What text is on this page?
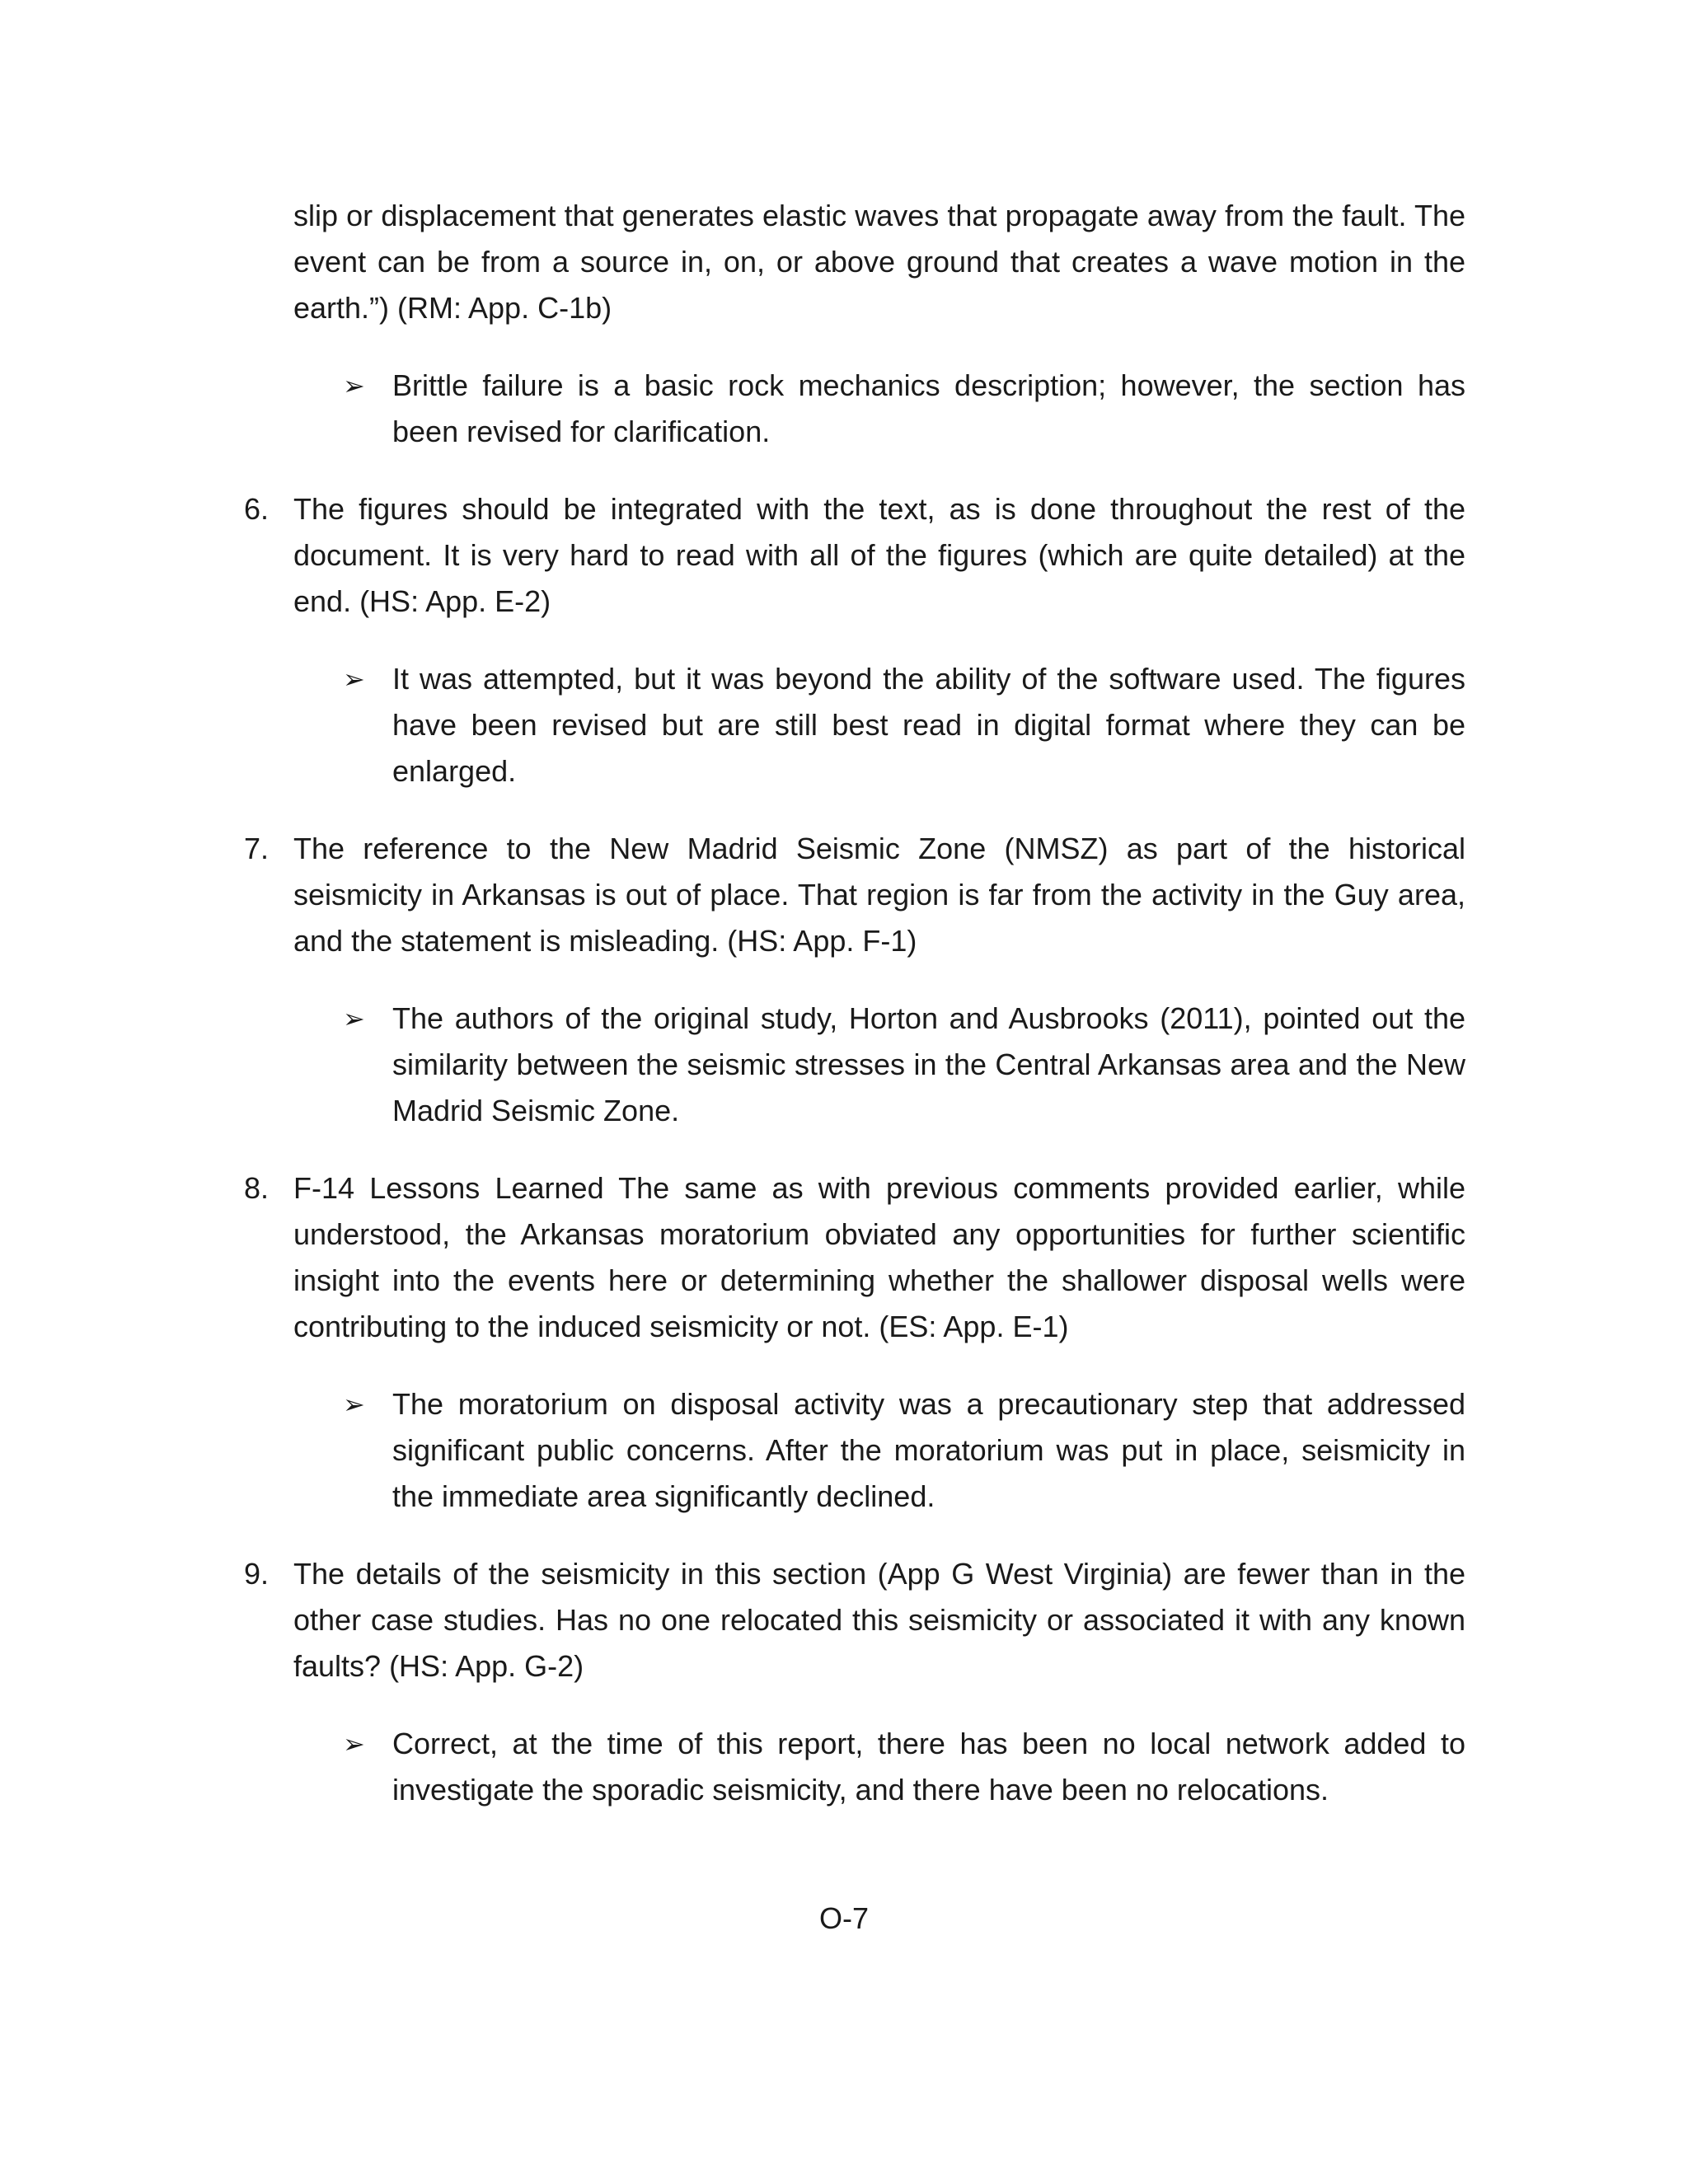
slip or displacement that generates elastic waves that propagate away from the fault. The event can be from a source in, on, or above ground that creates a wave motion in the earth.”) (RM: App. C-1b)
➢ Brittle failure is a basic rock mechanics description; however, the section has been revised for clarification.
6. The figures should be integrated with the text, as is done throughout the rest of the document. It is very hard to read with all of the figures (which are quite detailed) at the end. (HS: App. E-2)
➢ It was attempted, but it was beyond the ability of the software used. The figures have been revised but are still best read in digital format where they can be enlarged.
7. The reference to the New Madrid Seismic Zone (NMSZ) as part of the historical seismicity in Arkansas is out of place. That region is far from the activity in the Guy area, and the statement is misleading. (HS: App. F-1)
➢ The authors of the original study, Horton and Ausbrooks (2011), pointed out the similarity between the seismic stresses in the Central Arkansas area and the New Madrid Seismic Zone.
8. F-14 Lessons Learned The same as with previous comments provided earlier, while understood, the Arkansas moratorium obviated any opportunities for further scientific insight into the events here or determining whether the shallower disposal wells were contributing to the induced seismicity or not. (ES: App. E-1)
➢ The moratorium on disposal activity was a precautionary step that addressed significant public concerns. After the moratorium was put in place, seismicity in the immediate area significantly declined.
9. The details of the seismicity in this section (App G West Virginia) are fewer than in the other case studies. Has no one relocated this seismicity or associated it with any known faults? (HS: App. G-2)
➢ Correct, at the time of this report, there has been no local network added to investigate the sporadic seismicity, and there have been no relocations.
O-7
